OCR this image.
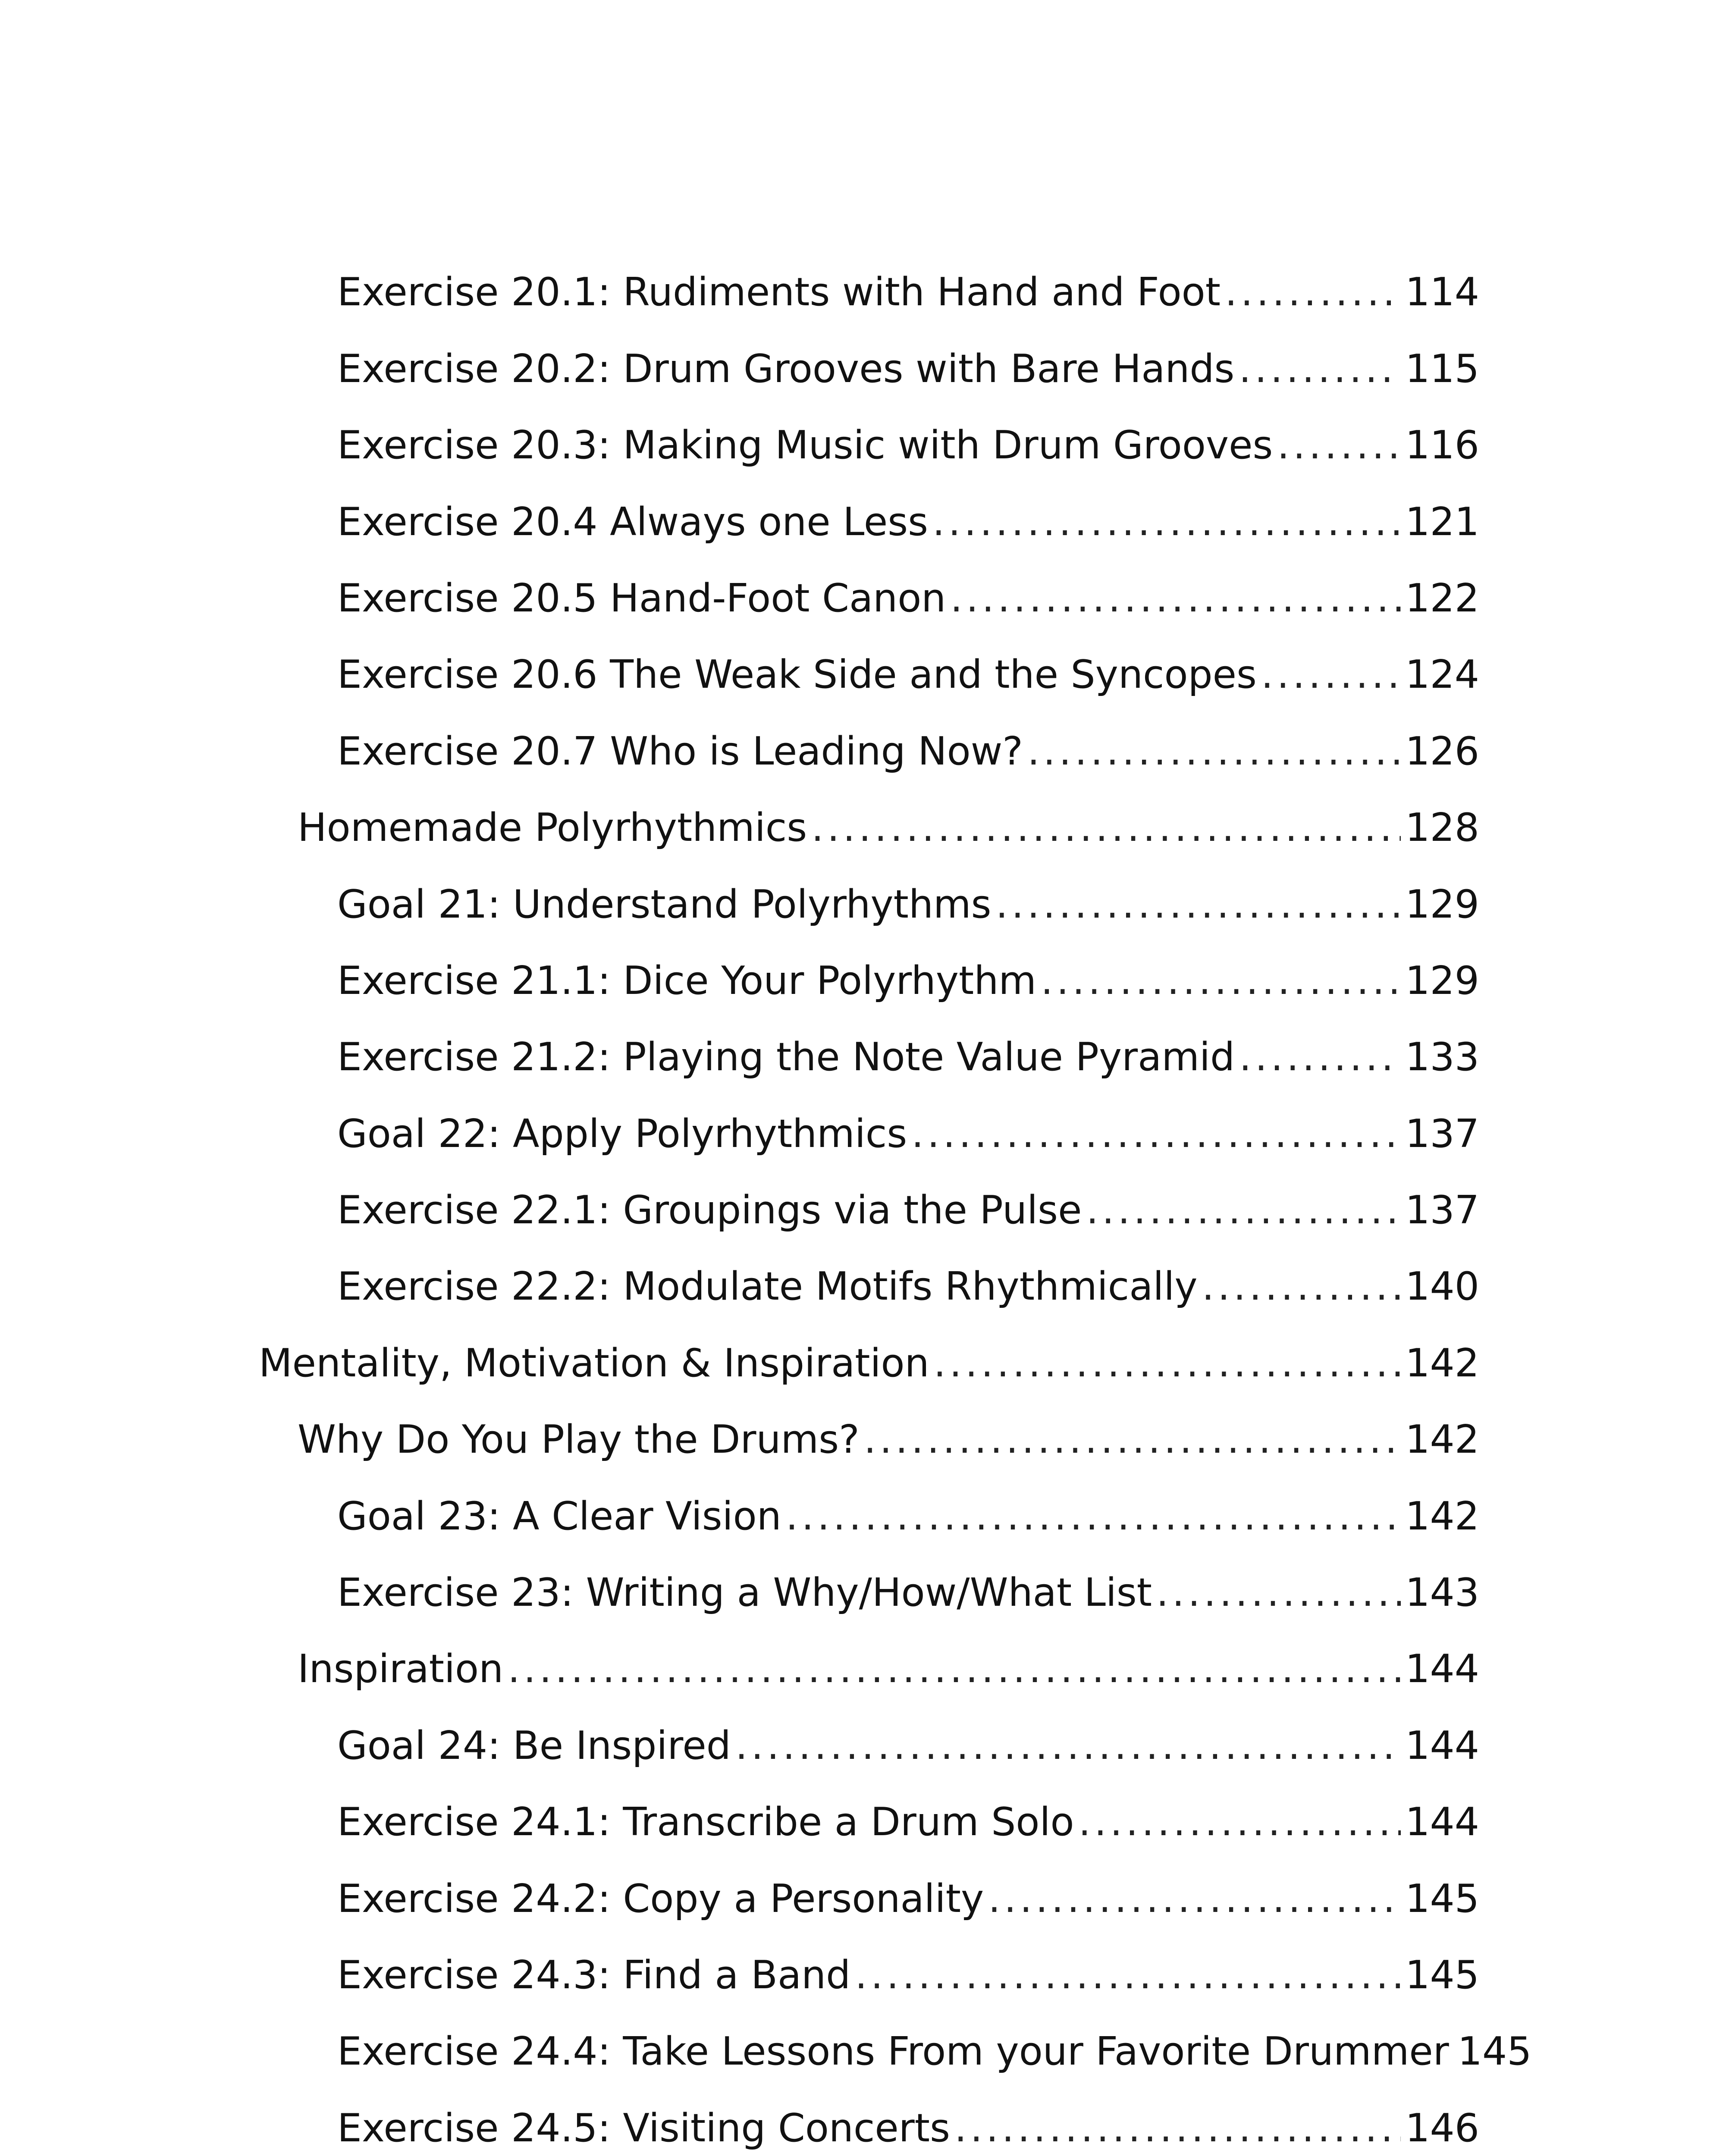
Exercise 20.1: Rudiments with Hand and Foot .....	114
Exercise 20.2: Drum Grooves with Bare Hands .....	115
Exercise 20.3: Making Music with Drum Grooves .....	116
Exercise 20.4 Always one Less .....	121
Exercise 20.5 Hand-Foot Canon .....	122
Exercise 20.6 The Weak Side and the Syncopes .....	124
Exercise 20.7 Who is Leading Now? .....	126
Homemade Polyrhythmics .....	128
Goal 21: Understand Polyrhythms .....	129
Exercise 21.1: Dice Your Polyrhythm .....	129
Exercise 21.2: Playing the Note Value Pyramid .....	133
Goal 22: Apply Polyrhythmics .....	137
Exercise 22.1: Groupings via the Pulse .....	137
Exercise 22.2: Modulate Motifs Rhythmically .....	140
Mentality, Motivation & Inspiration .....	142
Why Do You Play the Drums? .....	142
Goal 23: A Clear Vision .....	142
Exercise 23: Writing a Why/How/What List .....	143
Inspiration .....	144
Goal 24: Be Inspired .....	144
Exercise 24.1: Transcribe a Drum Solo .....	144
Exercise 24.2: Copy a Personality .....	145
Exercise 24.3: Find a Band .....	145
Exercise 24.4: Take Lessons From your Favorite Drummer 145
Exercise 24.5: Visiting Concerts .....	146
